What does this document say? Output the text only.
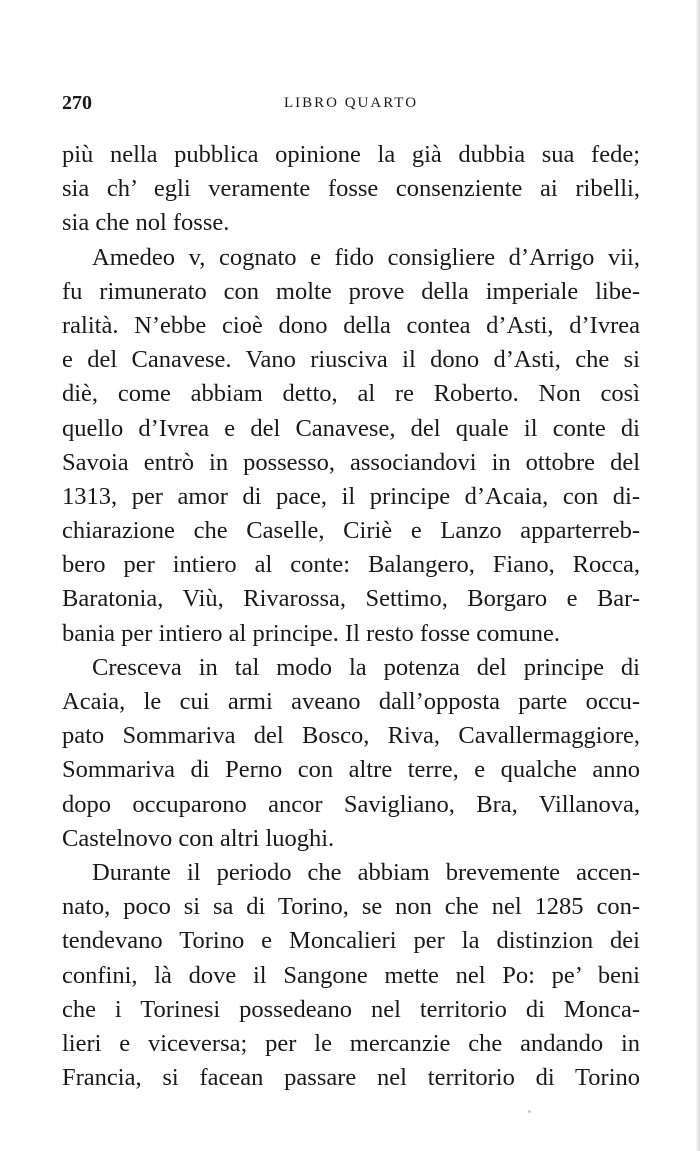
270	LIBRO QUARTO
più nella pubblica opinione la già dubbia sua fede;
sia ch’ egli veramente fosse consenziente ai ribelli,
sia che nol fosse.
Amedeo v, cognato e fido consigliere d’Arrigo vii,
fu rimunerato con molte prove della imperiale libe-
ralità. N’ebbe cioè dono della contea d’Asti, d’Ivrea
e del Canavese. Vano riusciva il dono d’Asti, che si
diè, come abbiam detto, al re Roberto. Non così
quello d’Ivrea e del Canavese, del quale il conte di
Savoia entrò in possesso, associandovi in ottobre del
1313, per amor di pace, il principe d’Acaia, con di-
chiarazione che Caselle, Ciriè e Lanzo apparterreb-
bero per intiero al conte: Balangero, Fiano, Rocca,
Baratonia, Viù, Rivarossa, Settimo, Borgaro e Bar-
bania per intiero al principe. Il resto fosse comune.
Cresceva in tal modo la potenza del principe di
Acaia, le cui armi aveano dall’opposta parte occu-
pato Sommariva del Bosco, Riva, Cavallermaggiore,
Sommariva di Perno con altre terre, e qualche anno
dopo occuparono ancor Savigliano, Bra, Villanova,
Castelnovo con altri luoghi.
Durante il periodo che abbiam brevemente accen-
nato, poco si sa di Torino, se non che nel 1285 con-
tendevano Torino e Moncalieri per la distinzion dei
confini, là dove il Sangone mette nel Po: pe’ beni
che i Torinesi possedeano nel territorio di Monca-
lieri e viceversa; per le mercanzie che andando in
Francia, si facean passare nel territorio di Torino
